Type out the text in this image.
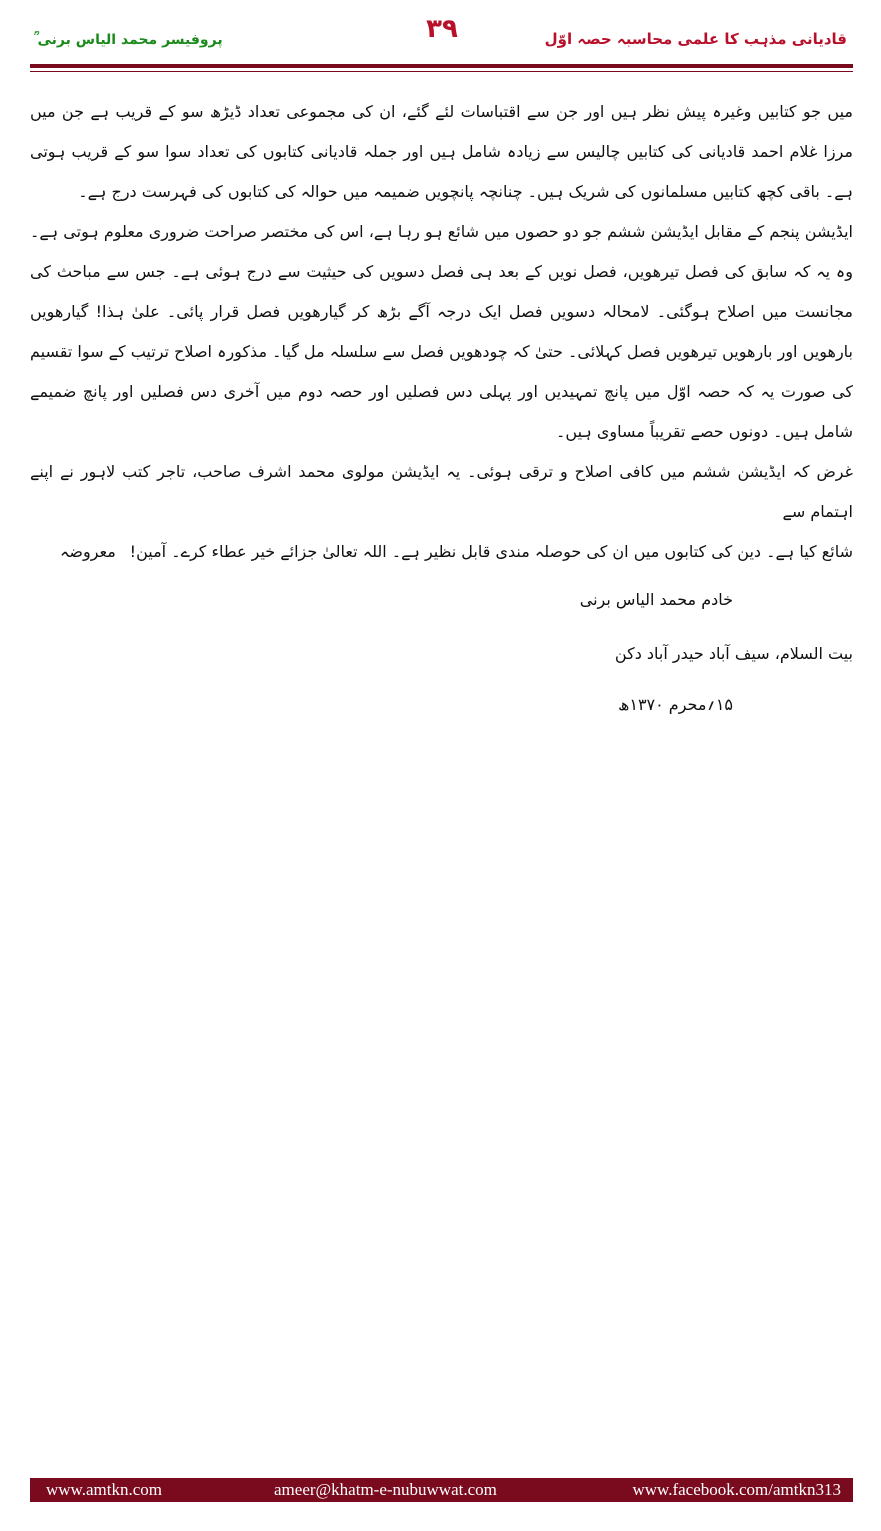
پروفیسر محمد الیاس برنی ؒ	۳۹	قادیانی مذہب کا علمی محاسبہ حصہ اوّل

میں جو کتابیں وغیرہ پیش نظر ہیں اور جن سے اقتباسات لئے گئے، ان کی مجموعی تعداد ڈیڑھ سو کے قریب ہے جن میں مرزا غلام احمد قادیانی کی کتابیں چالیس سے زیادہ شامل ہیں اور جملہ قادیانی کتابوں کی تعداد سوا سو کے قریب ہوتی ہے۔ باقی کچھ کتابیں مسلمانوں کی شریک ہیں۔ چنانچہ پانچویں ضمیمہ میں حوالہ کی کتابوں کی فہرست درج ہے۔

ایڈیشن پنجم کے مقابل ایڈیشن ششم جو دو حصوں میں شائع ہو رہا ہے، اس کی مختصر صراحت ضروری معلوم ہوتی ہے۔ وہ یہ کہ سابق کی فصل تیرھویں، فصل نویں کے بعد ہی فصل دسویں کی حیثیت سے درج ہوئی ہے۔ جس سے مباحث کی مجانست میں اصلاح ہوگئی۔ لامحالہ دسویں فصل ایک درجہ آگے بڑھ کر گیارھویں فصل قرار پائی۔ علیٰ ہذا! گیارھویں بارھویں اور بارھویں تیرھویں فصل کہلائی۔ حتیٰ کہ چودھویں فصل سے سلسلہ مل گیا۔ مذکورہ اصلاح ترتیب کے سوا تقسیم کی صورت یہ کہ حصہ اوّل میں پانچ تمہیدیں اور پہلی دس فصلیں اور حصہ دوم میں آخری دس فصلیں اور پانچ ضمیمے شامل ہیں۔ دونوں حصے تقریباً مساوی ہیں۔

غرض کہ ایڈیشن ششم میں کافی اصلاح و ترقی ہوئی۔ یہ ایڈیشن مولوی محمد اشرف صاحب، تاجر کتب لاہور نے اپنے اہتمام سے

شائع کیا ہے۔ دین کی کتابوں میں ان کی حوصلہ مندی قابل نظیر ہے۔ اللہ تعالیٰ جزائے خیر عطاء کرے۔ آمین!
معروضہ
خادم محمد الیاس برنی
بیت السلام، سیف آباد حیدر آباد دکن
۱۵؍محرم ۱۳۷۰ھ
www.amtkn.com	ameer@khatm-e-nubuwwat.com	www.facebook.com/amtkn313
